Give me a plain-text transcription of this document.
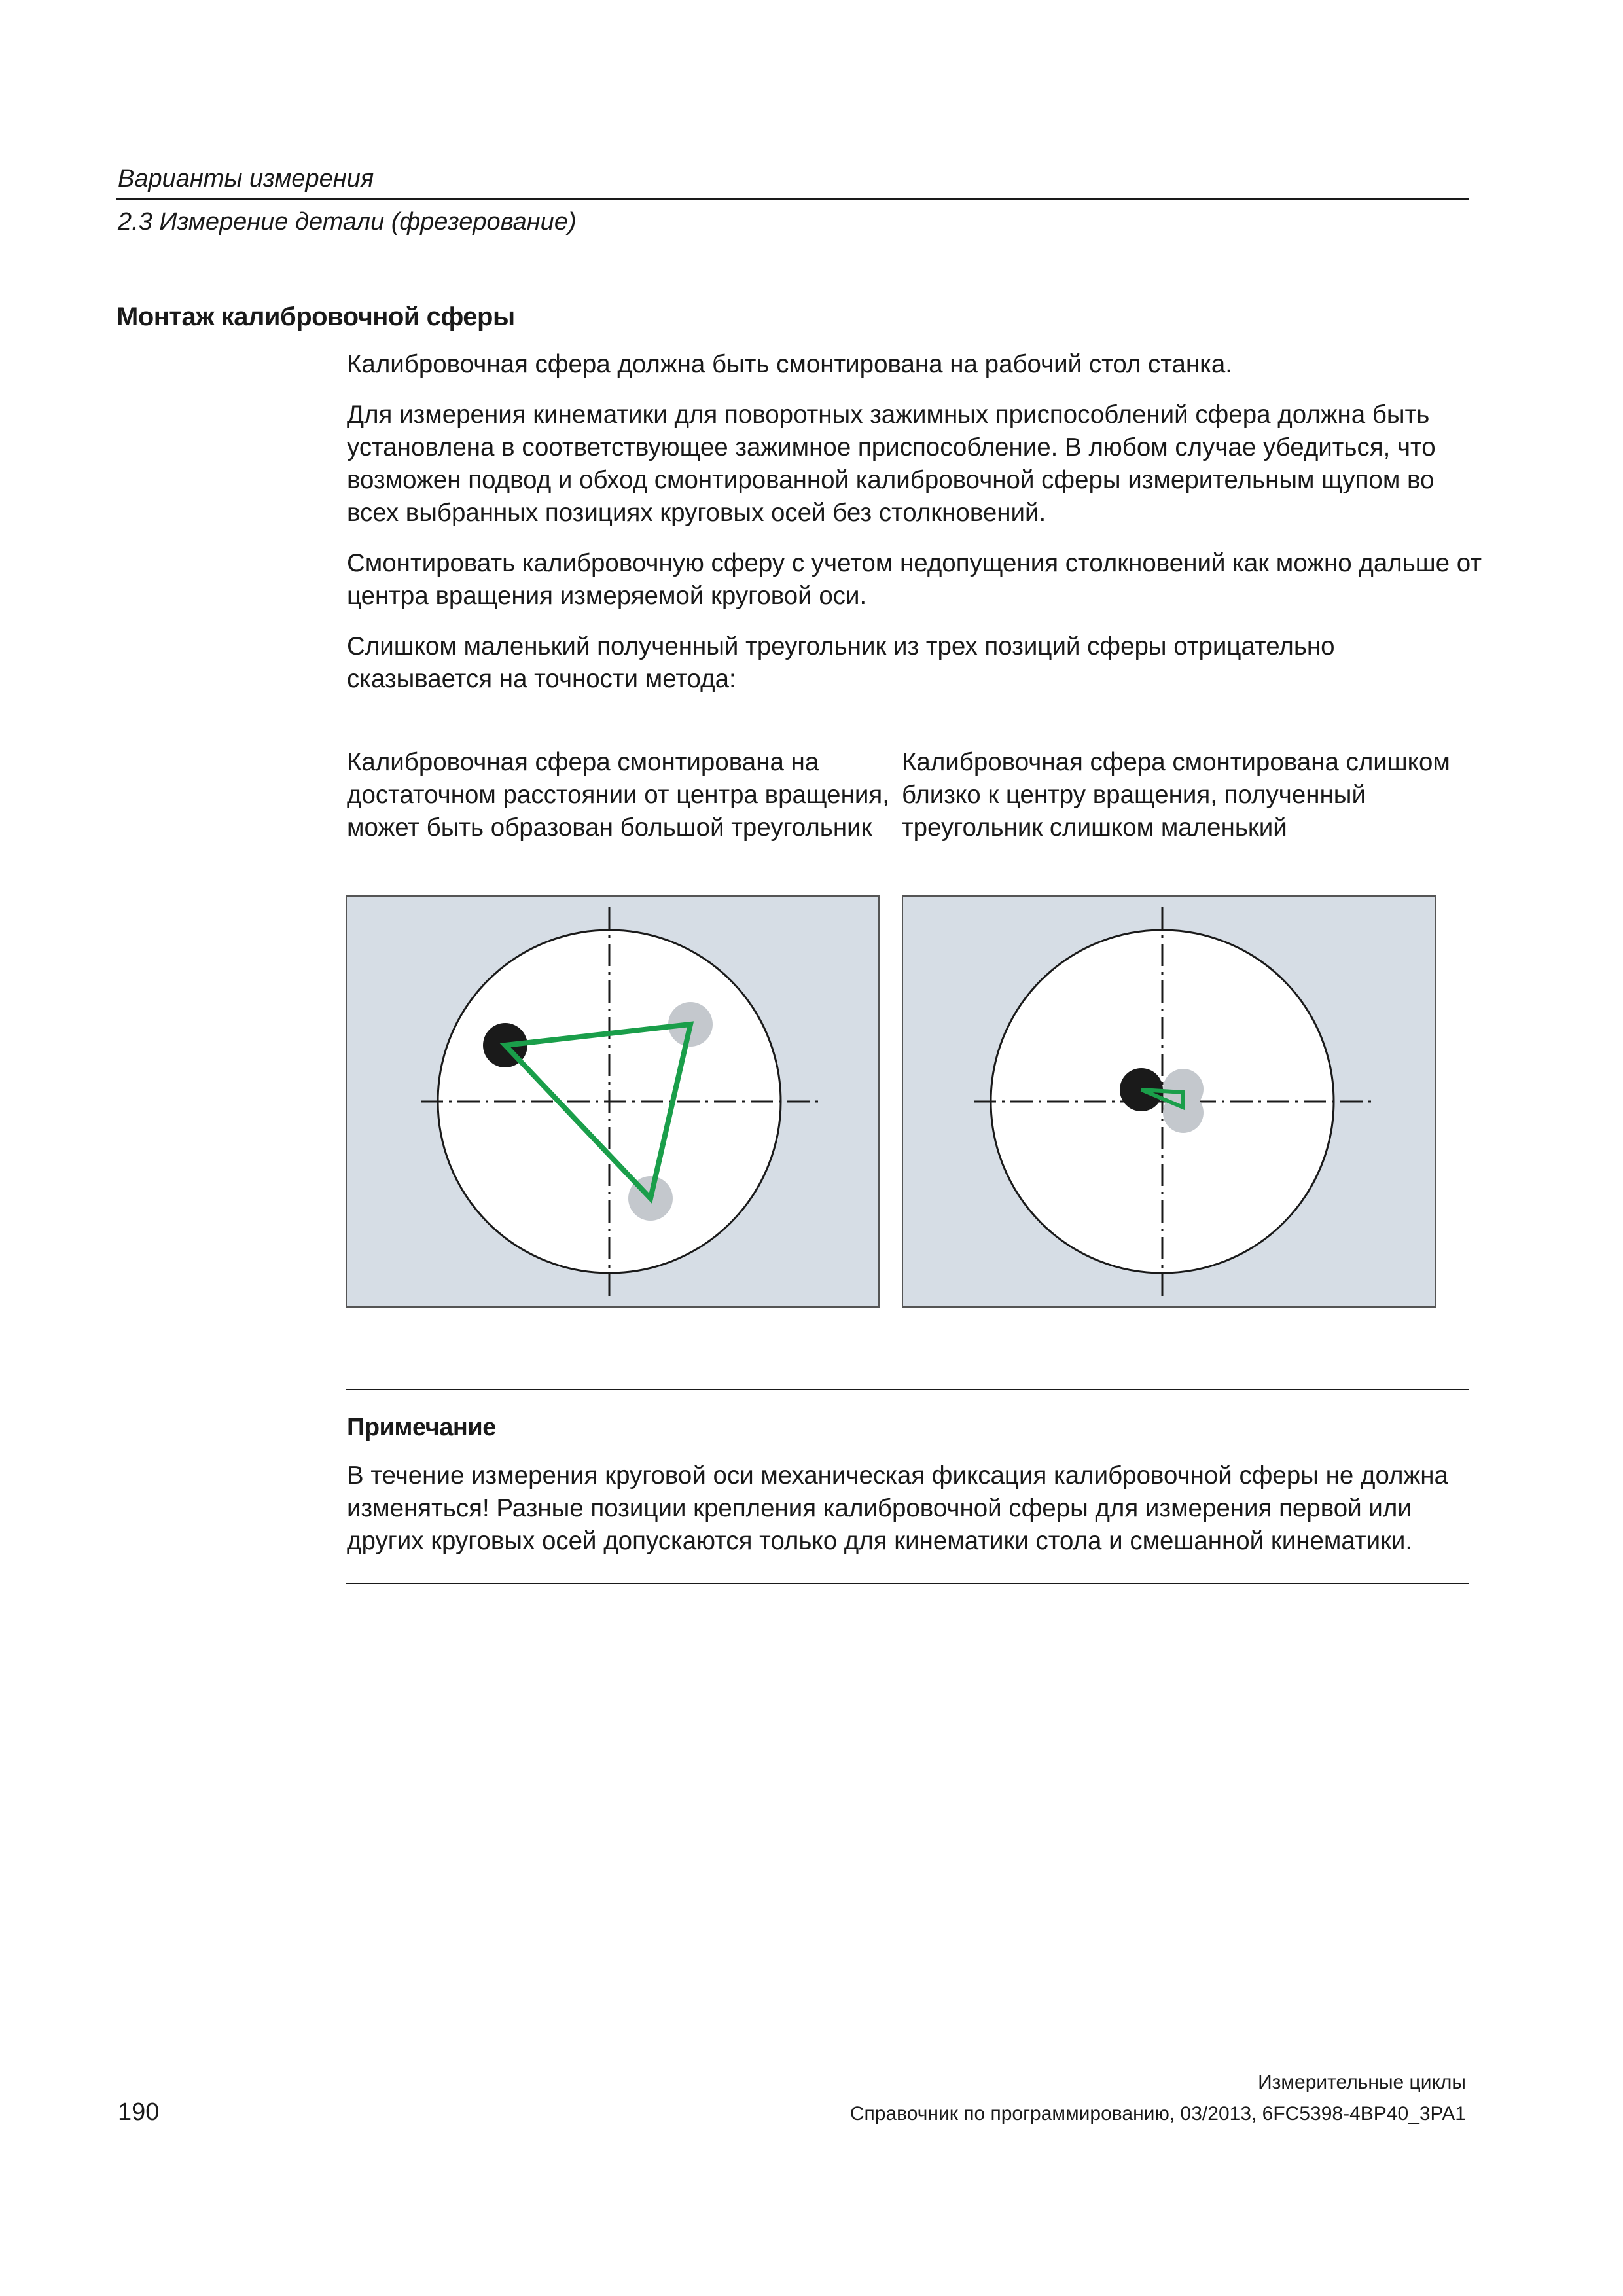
Варианты измерения
2.3 Измерение детали (фрезерование)
Монтаж калибровочной сферы

Калибровочная сфера должна быть смонтирована на рабочий стол станка.

Для измерения кинематики для поворотных зажимных приспособлений сфера должна быть установлена в соответствующее зажимное приспособление. В любом случае убедиться, что возможен подвод и обход смонтированной калибровочной сферы измерительным щупом во всех выбранных позициях круговых осей без столкновений.

Смонтировать калибровочную сферу с учетом недопущения столкновений как можно дальше от центра вращения измеряемой круговой оси.

Слишком маленький полученный треугольник из трех позиций сферы отрицательно сказывается на точности метода:

Калибровочная сфера смонтирована на достаточном расстоянии от центра вращения, может быть образован большой треугольник
Калибровочная сфера смонтирована слишком близко к центру вращения, полученный треугольник слишком маленький
Примечание
В течение измерения круговой оси механическая фиксация калибровочной сферы не должна изменяться! Разные позиции крепления калибровочной сферы для измерения первой или других круговых осей допускаются только для кинематики стола и смешанной кинематики.
Измерительные циклы
190	Справочник по программированию, 03/2013, 6FC5398-4BP40_3PA1
